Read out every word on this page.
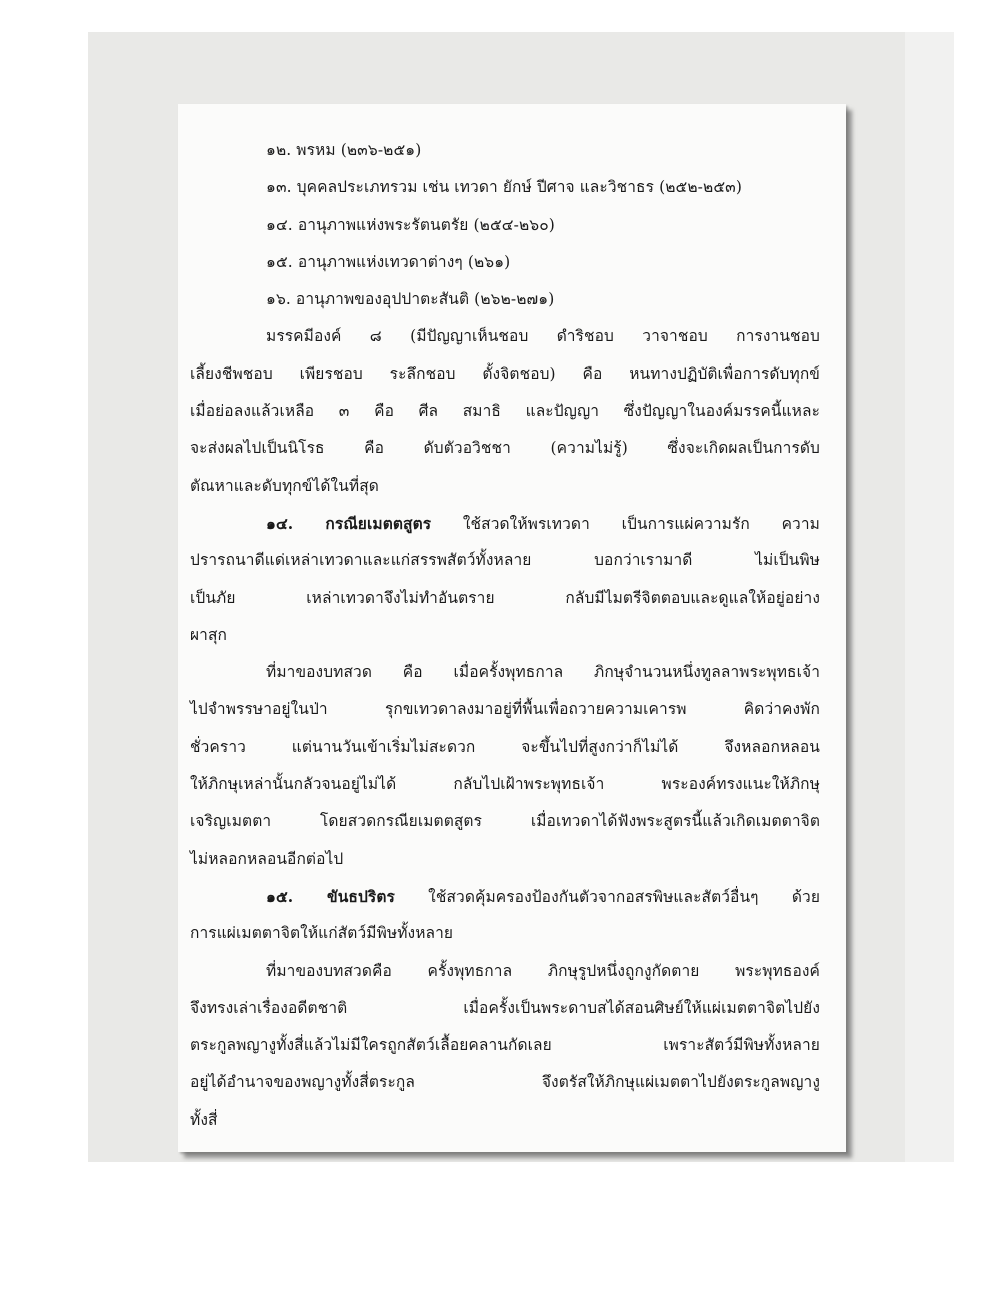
๑๒. พรหม (๒๓๖-๒๕๑)
๑๓. บุคคลประเภทรวม เช่น เทวดา ยักษ์ ปีศาจ และวิชาธร (๒๕๒-๒๕๓)
๑๔. อานุภาพแห่งพระรัตนตรัย (๒๕๔-๒๖๐)
๑๕. อานุภาพแห่งเทวดาต่างๆ (๒๖๑)
๑๖. อานุภาพของอุปปาตะสันติ (๒๖๒-๒๗๑)
มรรคมีองค์ ๘ (มีปัญญาเห็นชอบ ดำริชอบ วาจาชอบ การงานชอบ
เลี้ยงชีพชอบ เพียรชอบ ระลึกชอบ ตั้งจิตชอบ) คือ หนทางปฏิบัติเพื่อการดับทุกข์
เมื่อย่อลงแล้วเหลือ ๓ คือ ศีล สมาธิ และปัญญา ซึ่งปัญญาในองค์มรรคนี้แหละ
จะส่งผลไปเป็นนิโรธ คือ ดับตัวอวิชชา (ความไม่รู้) ซึ่งจะเกิดผลเป็นการดับ
ตัณหาและดับทุกข์ได้ในที่สุด
๑๔. กรณียเมตตสูตร ใช้สวดให้พรเทวดา เป็นการแผ่ความรัก ความ
ปรารถนาดีแด่เหล่าเทวดาและแก่สรรพสัตว์ทั้งหลาย บอกว่าเรามาดี ไม่เป็นพิษ
เป็นภัย เหล่าเทวดาจึงไม่ทำอันตราย กลับมีไมตรีจิตตอบและดูแลให้อยู่อย่าง
ผาสุก
ที่มาของบทสวด คือ เมื่อครั้งพุทธกาล ภิกษุจำนวนหนึ่งทูลลาพระพุทธเจ้า
ไปจำพรรษาอยู่ในป่า รุกขเทวดาลงมาอยู่ที่พื้นเพื่อถวายความเคารพ คิดว่าคงพัก
ชั่วคราว แต่นานวันเข้าเริ่มไม่สะดวก จะขึ้นไปที่สูงกว่าก็ไม่ได้ จึงหลอกหลอน
ให้ภิกษุเหล่านั้นกลัวจนอยู่ไม่ได้ กลับไปเฝ้าพระพุทธเจ้า พระองค์ทรงแนะให้ภิกษุ
เจริญเมตตา โดยสวดกรณียเมตตสูตร เมื่อเทวดาได้ฟังพระสูตรนี้แล้วเกิดเมตตาจิต
ไม่หลอกหลอนอีกต่อไป
๑๕. ขันธปริตร ใช้สวดคุ้มครองป้องกันตัวจากอสรพิษและสัตว์อื่นๆ ด้วย
การแผ่เมตตาจิตให้แก่สัตว์มีพิษทั้งหลาย
ที่มาของบทสวดคือ ครั้งพุทธกาล ภิกษุรูปหนึ่งถูกงูกัดตาย พระพุทธองค์
จึงทรงเล่าเรื่องอดีตชาติ เมื่อครั้งเป็นพระดาบสได้สอนศิษย์ให้แผ่เมตตาจิตไปยัง
ตระกูลพญางูทั้งสี่แล้วไม่มีใครถูกสัตว์เลื้อยคลานกัดเลย เพราะสัตว์มีพิษทั้งหลาย
อยู่ได้อำนาจของพญางูทั้งสี่ตระกูล จึงตรัสให้ภิกษุแผ่เมตตาไปยังตระกูลพญางู
ทั้งสี่
